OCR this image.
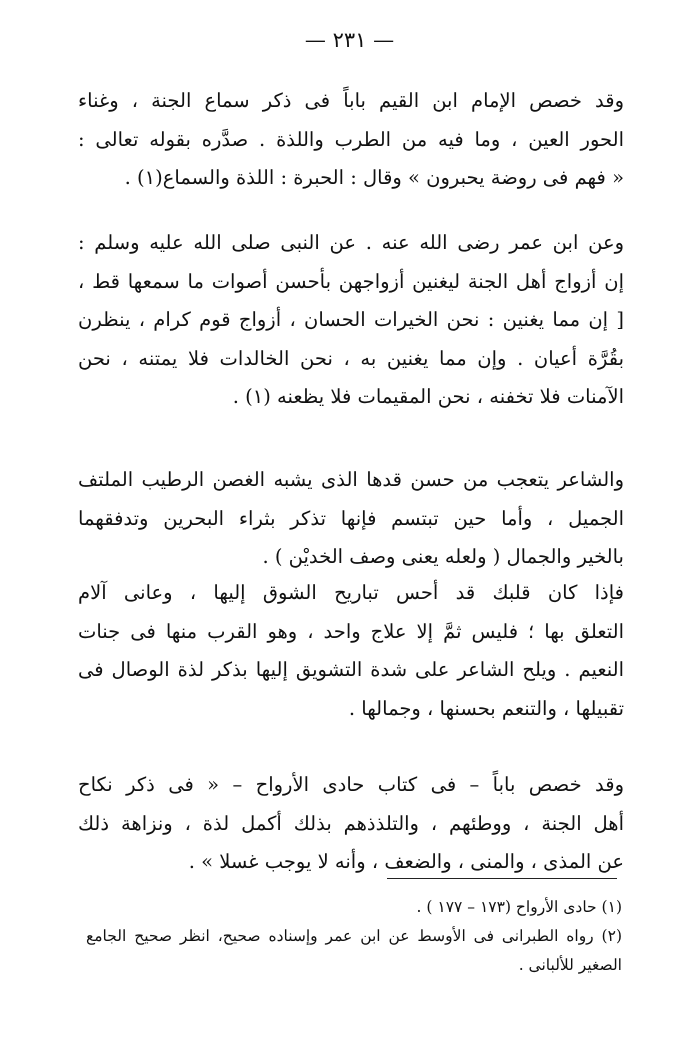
— ٢٣١ —
وقد خصص الإمام ابن القيم باباً فى ذكر سماع الجنة ، وغناء
الحور العين ، وما فيه من الطرب واللذة . صدَّره بقوله تعالى :
« فهم فى روضة يحبرون » وقال : الحبرة : اللذة والسماع(١) .
وعن ابن عمر رضى الله عنه . عن النبى صلى الله عليه وسلم :
إن أزواج أهل الجنة ليغنين أزواجهن بأحسن أصوات ما سمعها قط ،
[ إن مما يغنين : نحن الخيرات الحسان ، أزواج قوم كرام ، ينظرن
بقُرَّة أعيان . وإن مما يغنين به ، نحن الخالدات فلا يمتنه ، نحن
الآمنات فلا تخفنه ، نحن المقيمات فلا يظعنه (١) .
والشاعر يتعجب من حسن قدها الذى يشبه الغصن الرطيب الملتف
الجميل ، وأما حين تبتسم فإنها تذكر بثراء البحرين وتدفقهما
بالخير والجمال ( ولعله يعنى وصف الخديْن ) .
فإذا كان قلبك قد أحس تباريح الشوق إليها ، وعانى آلام
التعلق بها ؛ فليس ثمَّ إلا علاج واحد ، وهو القرب منها فى جنات
النعيم . ويلح الشاعر على شدة التشويق إليها بذكر لذة الوصال فى
تقبيلها ، والتنعم بحسنها ، وجمالها .
وقد خصص باباً – فى كتاب حادى الأرواح – « فى ذكر نكاح
أهل الجنة ، ووطئهم ، والتلذذهم بذلك أكمل لذة ، ونزاهة ذلك
عن المذى ، والمنى ، والضعف ، وأنه لا يوجب غسلا » .
(١) حادى الأرواح (١٧٣ – ١٧٧ ) .
(٢) رواه الطبرانى فى الأوسط عن ابن عمر وإسناده صحيح، انظر صحيح الجامع
الصغير للألبانى .
